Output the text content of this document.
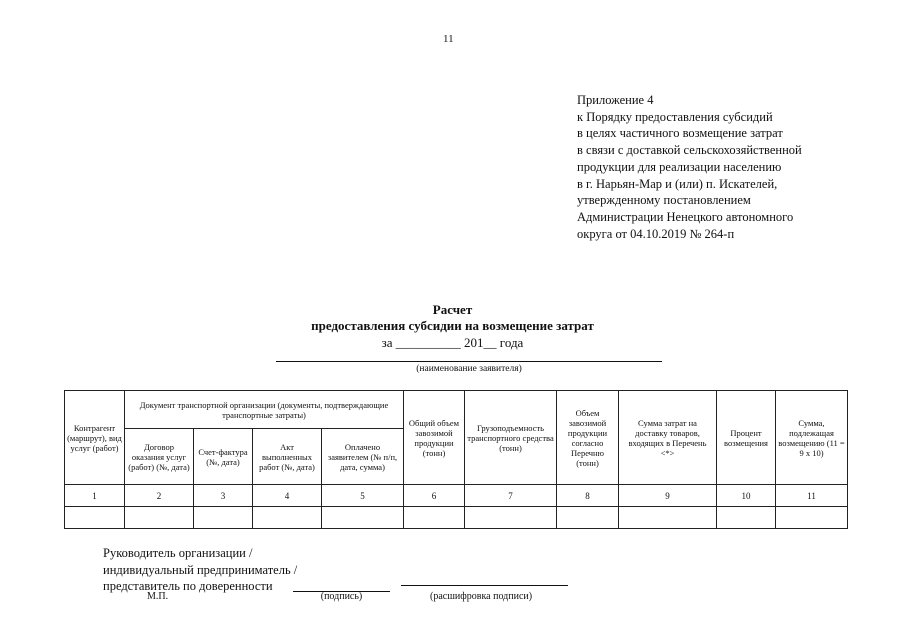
11
Приложение 4
к Порядку предоставления субсидий
в целях частичного возмещение затрат
в связи с доставкой сельскохозяйственной
продукции для реализации населению
в г. Нарьян-Мар и (или) п. Искателей,
утвержденному постановлением
Администрации Ненецкого автономного
округа от 04.10.2019 № 264-п
Расчет
предоставления субсидии на возмещение затрат
за __________ 201__ года
(наименование заявителя)
Контрагент (маршрут), вид услуг (работ)	Документ транспортной организации (документы, подтверждающие транспортные затраты)				Общий объем завозимой продукции (тонн)	Грузоподъемность транспортного средства (тонн)	Объем завозимой продукции согласно Перечню (тонн)	Сумма затрат на доставку товаров, входящих в Перечень <*>	Процент возмещения	Сумма, подлежащая возмещению (11 = 9 x 10)
	Договор оказания услуг (работ) (№, дата)	Счет-фактура (№, дата)	Акт выполненных работ (№, дата)	Оплачено заявителем (№ п/п, дата, сумма)						
1	2	3	4	5	6	7	8	9	10	11

Руководитель организации /
индивидуальный предприниматель /
представитель по доверенности
М.П.	(подпись)	(расшифровка подписи)
